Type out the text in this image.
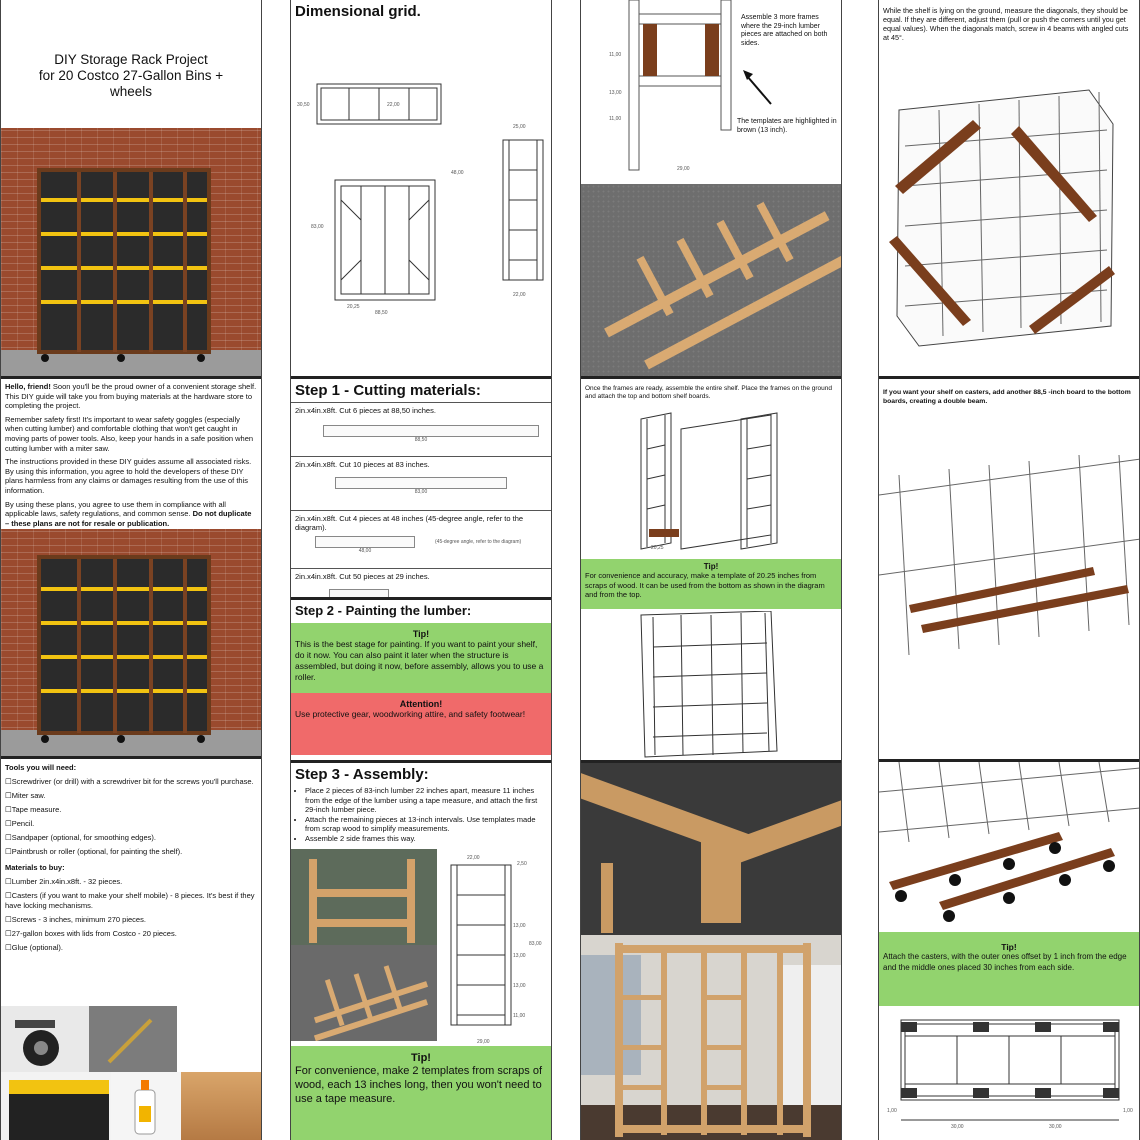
DIY Storage Rack Project
for 20 Costco 27-Gallon Bins +
wheels

Hello, friend! Soon you'll be the proud owner of a convenient storage shelf. This DIY guide will take you from buying materials at the hardware store to completing the project.

Remember safety first! It's important to wear safety goggles (especially when cutting lumber) and comfortable clothing that won't get caught in moving parts of power tools. Also, keep your hands in a safe position when cutting lumber with a miter saw.

The instructions provided in these DIY guides assume all associated risks. By using this information, you agree to hold the developers of these DIY plans harmless from any claims or damages resulting from the use of this information.

By using these plans, you agree to use them in compliance with all applicable laws, safety regulations, and common sense. Do not duplicate – these plans are not for resale or publication.

Tools you will need:
☐Screwdriver (or drill) with a screwdriver bit for the screws you'll purchase.
☐Miter saw.
☐Tape measure.
☐Pencil.
☐Sandpaper (optional, for smoothing edges).
☐Paintbrush or roller (optional, for painting the shelf).
Materials to buy:
☐Lumber 2in.x4in.x8ft. - 32 pieces.
☐Casters (if you want to make your shelf mobile) - 8 pieces. It's best if they have locking mechanisms.
☐Screws - 3 inches, minimum 270 pieces.
☐27-gallon boxes with lids from Costco - 20 pieces.
☐Glue (optional).
Dimensional grid.
30,50	22,00
25,00
22,00
88,50
83,00
20,25
48,00
Step 1 - Cutting materials:
2in.x4in.x8ft. Cut 6 pieces at 88,50 inches.
88,50
2in.x4in.x8ft. Cut 10 pieces at 83 inches.
83,00
2in.x4in.x8ft. Cut 4 pieces at 48 inches (45-degree angle, refer to the diagram).
(45-degree angle, refer to the diagram)
48,00
2in.x4in.x8ft. Cut 50 pieces at 29 inches.
Step 2 - Painting the lumber:
Tip!
This is the best stage for painting. If you want to paint your shelf, do it now. You can also paint it later when the structure is assembled, but doing it now, before assembly, allows you to use a roller.
Attention!
Use protective gear, woodworking attire, and safety footwear!
Step 3 - Assembly:
• Place 2 pieces of 83-inch lumber 22 inches apart, measure 11 inches from the edge of the lumber using a tape measure, and attach the first 29-inch lumber piece.
• Attach the remaining pieces at 13-inch intervals. Use templates made from scrap wood to simplify measurements.
• Assemble 2 side frames this way.
22,00
2,50
13,00
83,00
13,00
13,00
11,00
29,00
Tip!
For convenience, make 2 templates from scraps of wood, each 13 inches long, then you won't need to use a tape measure.
11,00
13,00
11,00
29,00
Assemble 3 more frames where the 29-inch lumber pieces are attached on both sides.
The templates are highlighted in brown (13 inch).
Once the frames are ready, assemble the entire shelf. Place the frames on the ground and attach the top and bottom shelf boards.
20,25
Tip!
For convenience and accuracy, make a template of 20.25 inches from scraps of wood. It can be used from the bottom as shown in the diagram and from the top.
While the shelf is lying on the ground, measure the diagonals, they should be equal. If they are different, adjust them (pull or push the corners until you get equal values). When the diagonals match, screw in 4 beams with angled cuts at 45°.
If you want your shelf on casters, add another 88,5 -inch board to the bottom boards, creating a double beam.
Tip!
Attach the casters, with the outer ones offset by 1 inch from the edge and the middle ones placed 30 inches from each side.
1,00
30,00	30,00
1,00
